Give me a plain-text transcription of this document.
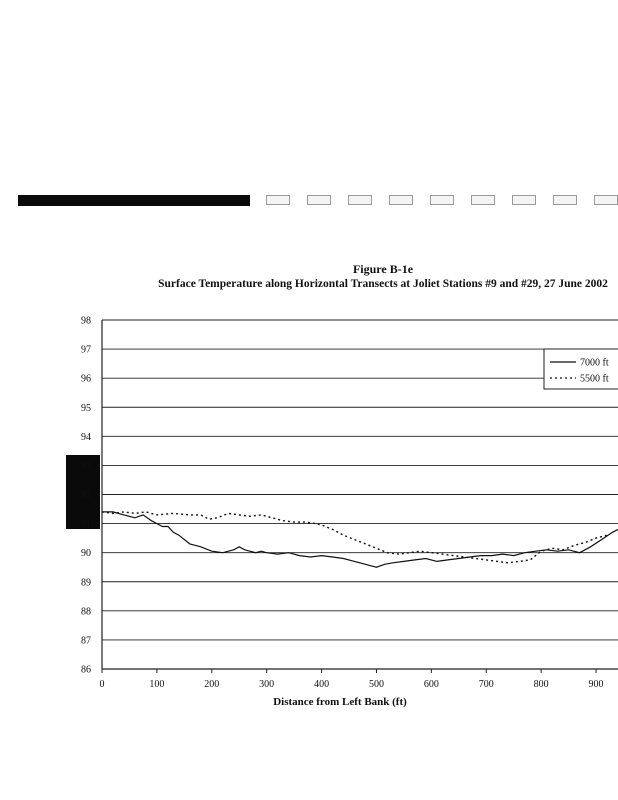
Figure B-1e
Surface Temperature along Horizontal Transects at Joliet Stations #9 and #29, 27 June 2002
86
87
88
89
90
91
92
93
94
95
96
97
98
0	100	200	300	400	500	600	700	800	900
7000 ft
5500 ft
Distance from Left Bank (ft)
